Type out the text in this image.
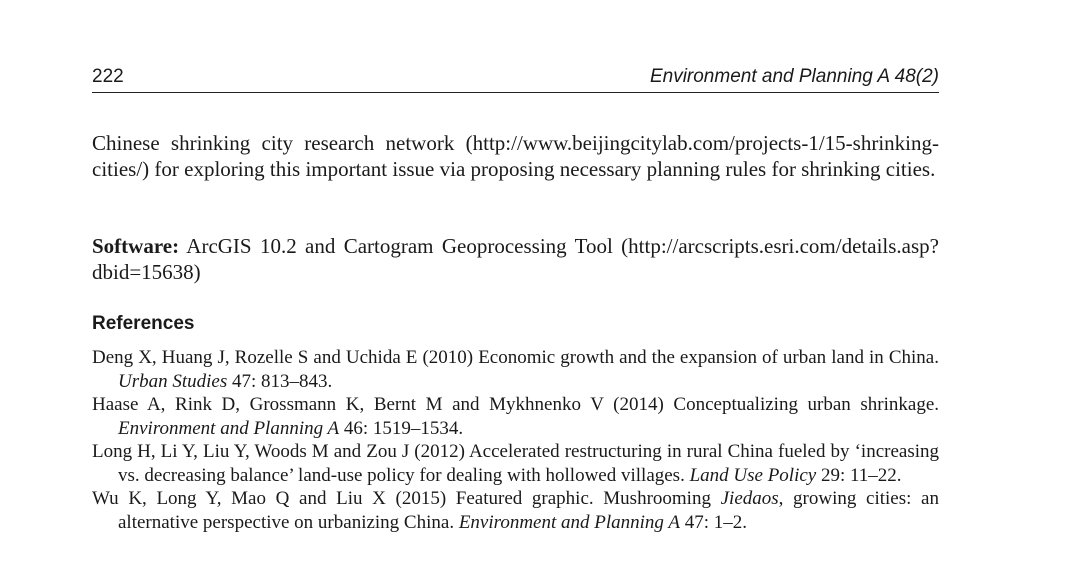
222	Environment and Planning A 48(2)

Chinese shrinking city research network (http://www.beijingcitylab.com/projects-1/15-shrinking-cities/) for exploring this important issue via proposing necessary planning rules for shrinking cities.

Software: ArcGIS 10.2 and Cartogram Geoprocessing Tool (http://arcscripts.esri.com/details.asp?dbid=15638)

References
Deng X, Huang J, Rozelle S and Uchida E (2010) Economic growth and the expansion of urban land in China. Urban Studies 47: 813–843.
Haase A, Rink D, Grossmann K, Bernt M and Mykhnenko V (2014) Conceptualizing urban shrinkage. Environment and Planning A 46: 1519–1534.
Long H, Li Y, Liu Y, Woods M and Zou J (2012) Accelerated restructuring in rural China fueled by ‘increasing vs. decreasing balance’ land-use policy for dealing with hollowed villages. Land Use Policy 29: 11–22.
Wu K, Long Y, Mao Q and Liu X (2015) Featured graphic. Mushrooming Jiedaos, growing cities: an alternative perspective on urbanizing China. Environment and Planning A 47: 1–2.
